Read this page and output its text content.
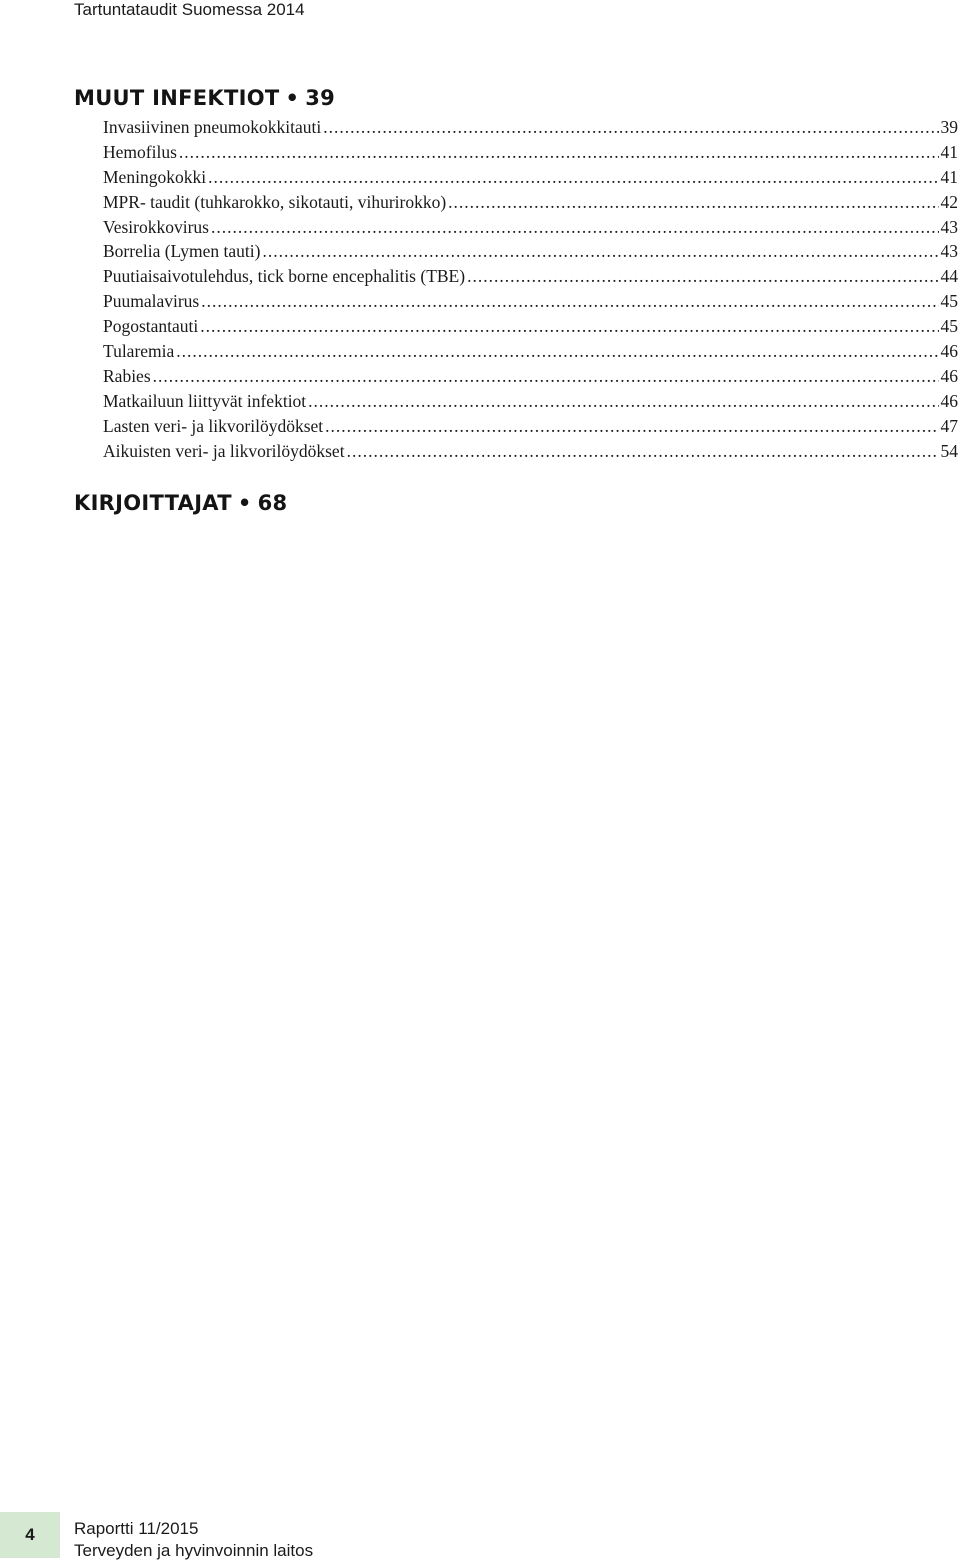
Tartuntataudit Suomessa 2014
MUUT INFEKTIOT • 39
Invasiivinen pneumokokkitauti .....	39
Hemofilus .....	41
Meningokokki .....	41
MPR- taudit (tuhkarokko, sikotauti, vihurirokko) .....	42
Vesirokkovirus .....	43
Borrelia (Lymen tauti) .....	43
Puutiaisaivotulehdus, tick borne encephalitis (TBE) .....	44
Puumalavirus .....	45
Pogostantauti .....	45
Tularemia .....	46
Rabies .....	46
Matkailuun liittyvät infektiot .....	46
Lasten veri- ja likvorilöydökset .....	47
Aikuisten veri- ja likvorilöydökset .....	54
KIRJOITTAJAT • 68
4 Raportti 11/2015
Terveyden ja hyvinvoinnin laitos
